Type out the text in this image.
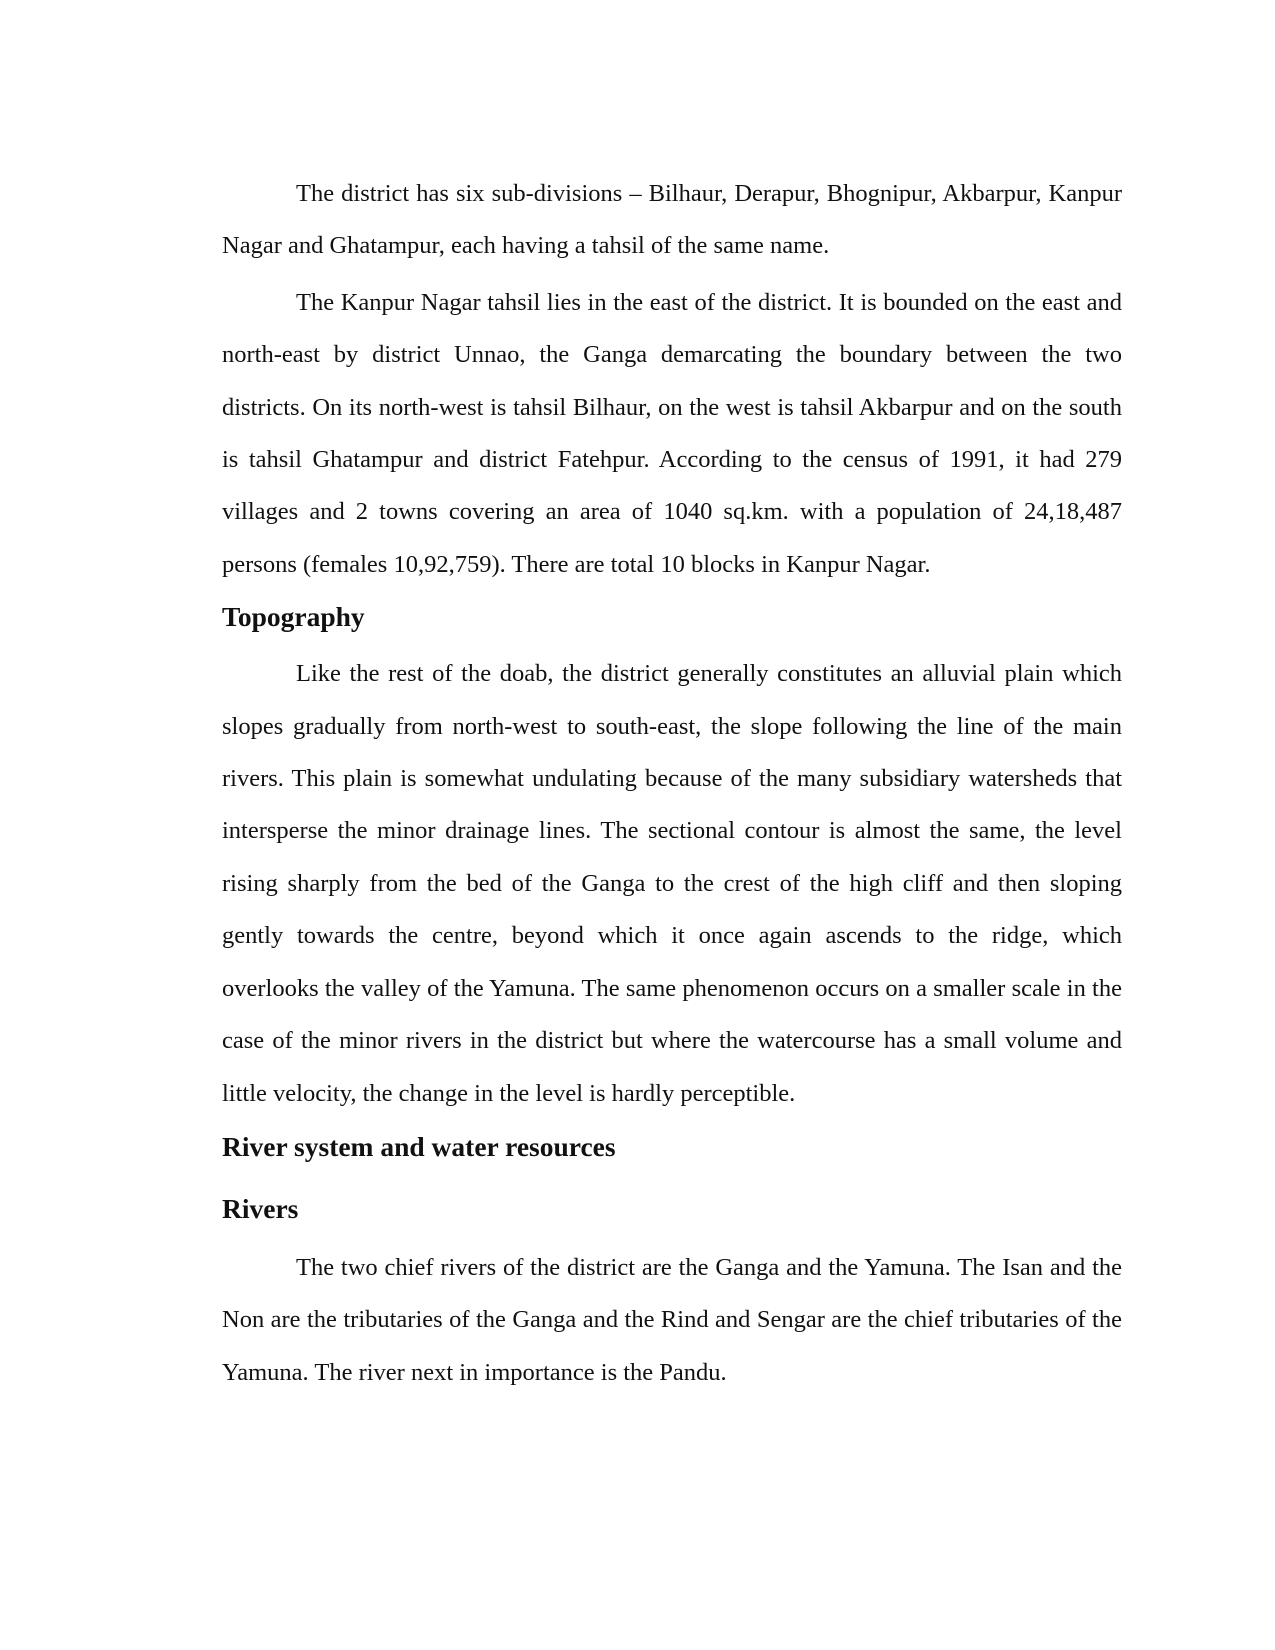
The district has six sub-divisions – Bilhaur, Derapur, Bhognipur, Akbarpur, Kanpur Nagar and Ghatampur, each having a tahsil of the same name.

The Kanpur Nagar tahsil lies in the east of the district. It is bounded on the east and north-east by district Unnao, the Ganga demarcating the boundary between the two districts. On its north-west is tahsil Bilhaur, on the west is tahsil Akbarpur and on the south is tahsil Ghatampur and district Fatehpur. According to the census of 1991, it had 279 villages and 2 towns covering an area of 1040 sq.km. with a population of 24,18,487 persons (females 10,92,759). There are total 10 blocks in Kanpur Nagar.

Topography

Like the rest of the doab, the district generally constitutes an alluvial plain which slopes gradually from north-west to south-east, the slope following the line of the main rivers. This plain is somewhat undulating because of the many subsidiary watersheds that intersperse the minor drainage lines. The sectional contour is almost the same, the level rising sharply from the bed of the Ganga to the crest of the high cliff and then sloping gently towards the centre, beyond which it once again ascends to the ridge, which overlooks the valley of the Yamuna. The same phenomenon occurs on a smaller scale in the case of the minor rivers in the district but where the watercourse has a small volume and little velocity, the change in the level is hardly perceptible.

River system and water resources
Rivers

The two chief rivers of the district are the Ganga and the Yamuna. The Isan and the Non are the tributaries of the Ganga and the Rind and Sengar are the chief tributaries of the Yamuna. The river next in importance is the Pandu.
